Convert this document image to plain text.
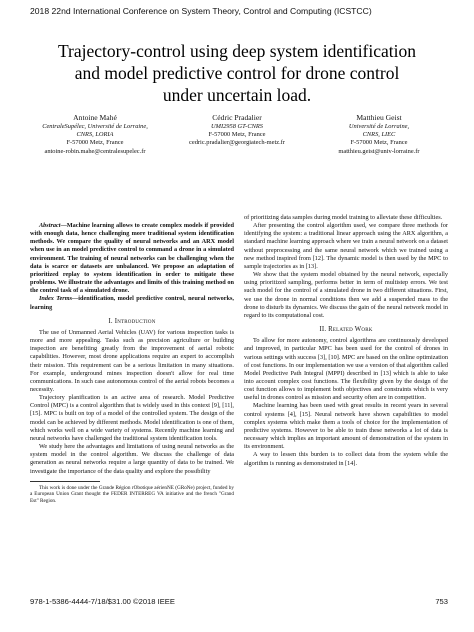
2018 22nd International Conference on System Theory, Control and Computing (ICSTCC)
Trajectory-control using deep system identification
and model predictive control for drone control
under uncertain load.
Antoine Mahé
CentraleSupélec, Université de Lorraine,
CNRS, LORIA
F-57000 Metz, France
antoine-robin.mahe@centralesupelec.fr
Cédric Pradalier
UMI2958 GT-CNRS
F-57000 Metz, France
cedric.pradalier@georgiatech-metz.fr
Matthieu Geist
Université de Lorraine,
CNRS, LIEC
F-57000 Metz, France
matthieu.geist@univ-lorraine.fr

Abstract—Machine learning allows to create complex models if provided with enough data, hence challenging more traditional system identification methods. We compare the quality of neural networks and an ARX model when use in an model predictive control to command a drone in a simulated environment. The training of neural networks can be challenging when the data is scarce or datasets are unbalanced. We propose an adaptation of prioritized replay to system identification in order to mitigate these problems. We illustrate the advantages and limits of this training method on the control task of a simulated drone.

Index Terms—identification, model predictive control, neural networks, learning

I. Introduction

The use of Unmanned Aerial Vehicles (UAV) for various inspection tasks is more and more appealing. Tasks such as precision agriculture or building inspection are benefiting greatly from the improvement of aerial robotic capabilities. However, most drone applications require an expert to accomplish their mission. This requirement can be a serious limitation in many situations. For example, underground mines inspection doesn't allow for real time communications. In such case autonomous control of the aerial robots becomes a necessity.

Trajectory planification is an active area of research. Model Predictive Control (MPC) is a control algorithm that is widely used in this context [9], [11], [15]. MPC is built on top of a model of the controlled system. The design of the model can be achieved by different methods. Model identification is one of them, which works well on a wide variety of systems. Recently machine learning and neural networks have challenged the traditional system identification tools.

We study here the advantages and limitations of using neural networks as the system model in the control algorithm. We discuss the challenge of data generation as neural networks require a large quantity of data to be trained. We investigate the importance of the data quality and explore the possibility

This work is done under the Grande Région rObotique aérienNE (GRoNe) project, funded by a European Union Grant thought the FEDER INTERREG VA initiative and the french "Grand Est" Region.

of prioritizing data samples during model training to alleviate these difficulties.

After presenting the control algorithm used, we compare three methods for identifying the system: a traditional linear approach using the ARX algorithm, a standard machine learning approach where we train a neural network on a dataset without preprocessing and the same neural network which we trained using a new method inspired from [12]. The dynamic model is then used by the MPC to sample trajectories as in [13].

We show that the system model obtained by the neural network, especially using prioritized sampling, performs better in term of multistep errors. We test such model for the control of a simulated drone in two different situations. First, we use the drone in normal conditions then we add a suspended mass to the drone to disturb its dynamics. We discuss the gain of the neural network model in regard to its computational cost.

II. Related Work

To allow for more autonomy, control algorithms are continuously developed and improved, in particular MPC has been used for the control of drones in various settings with success [3], [10]. MPC are based on the online optimization of cost functions. In our implementation we use a version of that algorithm called Model Predictive Path Integral (MPPI) described in [13] which is able to take into account complex cost functions. The flexibility given by the design of the cost function allows to implement both objectives and constraints which is very useful in drones control as mission and security often are in competition.

Machine learning has been used with great results in recent years in several control systems [4], [15]. Neural network have shown capabilities to model complex systems which make them a tools of choice for the implementation of predictive systems. However to be able to train these networks a lot of data is necessary which implies an important amount of demonstration of the system in its environment.

A way to lessen this burden is to collect data from the system while the algorithm is running as demonstrated in [14].

978-1-5386-4444-7/18/$31.00 ©2018 IEEE	753
